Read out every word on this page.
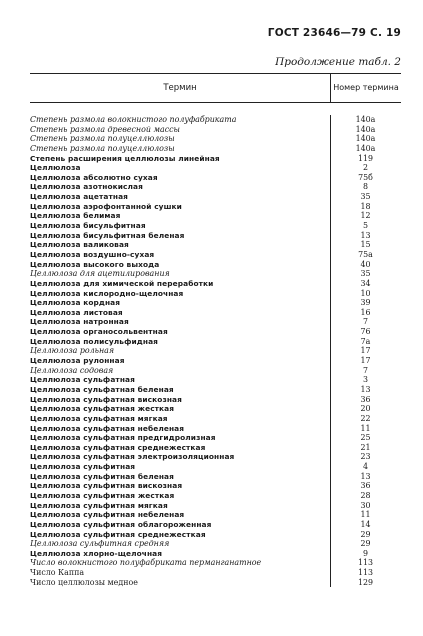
ГОСТ 23646—79 С. 19
Продолжение табл. 2
Термин	Номер термина
Степень размола волокнистого полуфабриката	140а
Степень размола древесной массы	140а
Степень размола полуцеллюлозы	140а
Степень размола полуцеллюлозы	140а
Степень расширения целлюлозы линейная	119
Целлюлоза	2
Целлюлоза абсолютно сухая	75б
Целлюлоза азотнокислая	8
Целлюлоза ацетатная	35
Целлюлоза аэрофонтанной сушки	18
Целлюлоза белимая	12
Целлюлоза бисульфитная	5
Целлюлоза бисульфитная беленая	13
Целлюлоза валиковая	15
Целлюлоза воздушно-сухая	75а
Целлюлоза высокого выхода	40
Целлюлоза для ацетилирования	35
Целлюлоза для химической переработки	34
Целлюлоза кислородно-щелочная	10
Целлюлоза кордная	39
Целлюлоза листовая	16
Целлюлоза натронная	7
Целлюлоза органосольвентная	76
Целлюлоза полисульфидная	7а
Целлюлоза рольная	17
Целлюлоза рулонная	17
Целлюлоза содовая	7
Целлюлоза сульфатная	3
Целлюлоза сульфатная беленая	13
Целлюлоза сульфатная вискозная	36
Целлюлоза сульфатная жесткая	20
Целлюлоза сульфатная мягкая	22
Целлюлоза сульфатная небеленая	11
Целлюлоза сульфатная предгидролизная	25
Целлюлоза сульфатная среднежесткая	21
Целлюлоза сульфатная электроизоляционная	23
Целлюлоза сульфитная	4
Целлюлоза сульфитная беленая	13
Целлюлоза сульфитная вискозная	36
Целлюлоза сульфитная жесткая	28
Целлюлоза сульфитная мягкая	30
Целлюлоза сульфитная небеленая	11
Целлюлоза сульфитная облагороженная	14
Целлюлоза сульфитная среднежесткая	29
Целлюлоза сульфитная средняя	29
Целлюлоза хлорно-щелочная	9
Число волокнистого полуфабриката перманганатное	113
Число Каппа	113
Число целлюлозы медное	129
